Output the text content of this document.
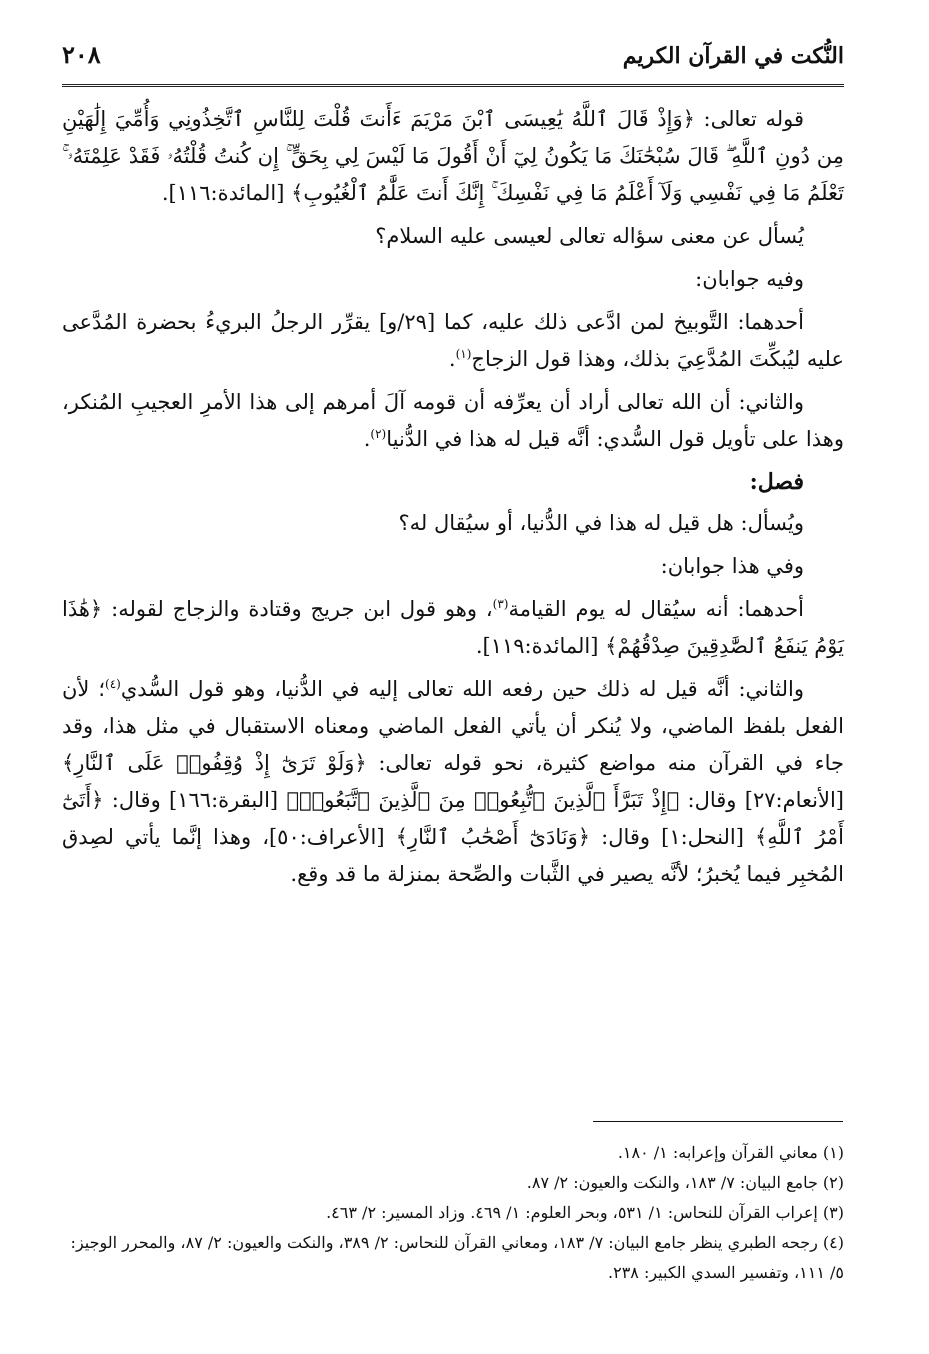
النُّكت في القرآن الكريم
٢٠٨

قوله تعالى: ﴿وَإِذْ قَالَ ٱللَّهُ يَٰعِيسَى ٱبْنَ مَرْيَمَ ءَأَنتَ قُلْتَ لِلنَّاسِ ٱتَّخِذُونِي وَأُمِّيَ إِلَٰهَيْنِ مِن دُونِ ٱللَّهِ ۖ قَالَ سُبْحَٰنَكَ مَا يَكُونُ لِيٓ أَنْ أَقُولَ مَا لَيْسَ لِي بِحَقٍّ ۚ إِن كُنتُ قُلْتُهُۥ فَقَدْ عَلِمْتَهُۥ ۚ تَعْلَمُ مَا فِي نَفْسِي وَلَآ أَعْلَمُ مَا فِي نَفْسِكَ ۚ إِنَّكَ أَنتَ عَلَّٰمُ ٱلْغُيُوبِ﴾ [المائدة:١١٦].

يُسأل عن معنى سؤاله تعالى لعيسى عليه السلام؟

وفيه جوابان:

أحدهما: التَّوبيخ لمن ادَّعى ذلك عليه، كما [٢٩/و] يقرِّر الرجلُ البريءُ بحضرة المُدَّعى عليه ليُبكِّتَ المُدَّعِيَ بذلك، وهذا قول الزجاج$^{(١)}$.

والثاني: أن الله تعالى أراد أن يعرِّفه أن قومه آلَ أمرهم إلى هذا الأمرِ العجيبِ المُنكر، وهذا على تأويل قول السُّدي: أنَّه قيل له هذا في الدُّنيا$^{(٢)}$.

فصل:

ويُسأل: هل قيل له هذا في الدُّنيا، أو سيُقال له؟

وفي هذا جوابان:

أحدهما: أنه سيُقال له يوم القيامة$^{(٣)}$، وهو قول ابن جريج وقتادة والزجاج لقوله: ﴿هَٰذَا يَوْمُ يَنفَعُ ٱلصَّٰدِقِينَ صِدْقُهُمْ﴾ [المائدة:١١٩].

والثاني: أنَّه قيل له ذلك حين رفعه الله تعالى إليه في الدُّنيا، وهو قول السُّدي$^{(٤)}$؛ لأن الفعل بلفظ الماضي، ولا يُنكر أن يأتي الفعل الماضي ومعناه الاستقبال في مثل هذا، وقد جاء في القرآن منه مواضع كثيرة، نحو قوله تعالى: ﴿وَلَوْ تَرَىٰٓ إِذْ وُقِفُوا۟ عَلَى ٱلنَّارِ﴾ [الأنعام:٢٧] وقال: ﴿إِذْ تَبَرَّأَ ٱلَّذِينَ ٱتُّبِعُوا۟ مِنَ ٱلَّذِينَ ٱتَّبَعُوا۟﴾ [البقرة:١٦٦] وقال: ﴿أَتَىٰٓ أَمْرُ ٱللَّهِ﴾ [النحل:١] وقال: ﴿وَنَادَىٰٓ أَصْحَٰبُ ٱلنَّارِ﴾ [الأعراف:٥٠]، وهذا إنَّما يأتي لصِدق المُخبِر فيما يُخبرُ؛ لأنَّه يصير في الثَّبات والصِّحة بمنزلة ما قد وقع.

(١) معاني القرآن وإعرابه: ١/ ١٨٠.

(٢) جامع البيان: ٧/ ١٨٣، والنكت والعيون: ٢/ ٨٧.

(٣) إعراب القرآن للنحاس: ١/ ٥٣١، وبحر العلوم: ١/ ٤٦٩. وزاد المسير: ٢/ ٤٦٣.

(٤) رجحه الطبري ينظر جامع البيان: ٧/ ١٨٣، ومعاني القرآن للنحاس: ٢/ ٣٨٩، والنكت والعيون: ٢/ ٨٧، والمحرر الوجيز: ٥/ ١١١، وتفسير السدي الكبير: ٢٣٨.
